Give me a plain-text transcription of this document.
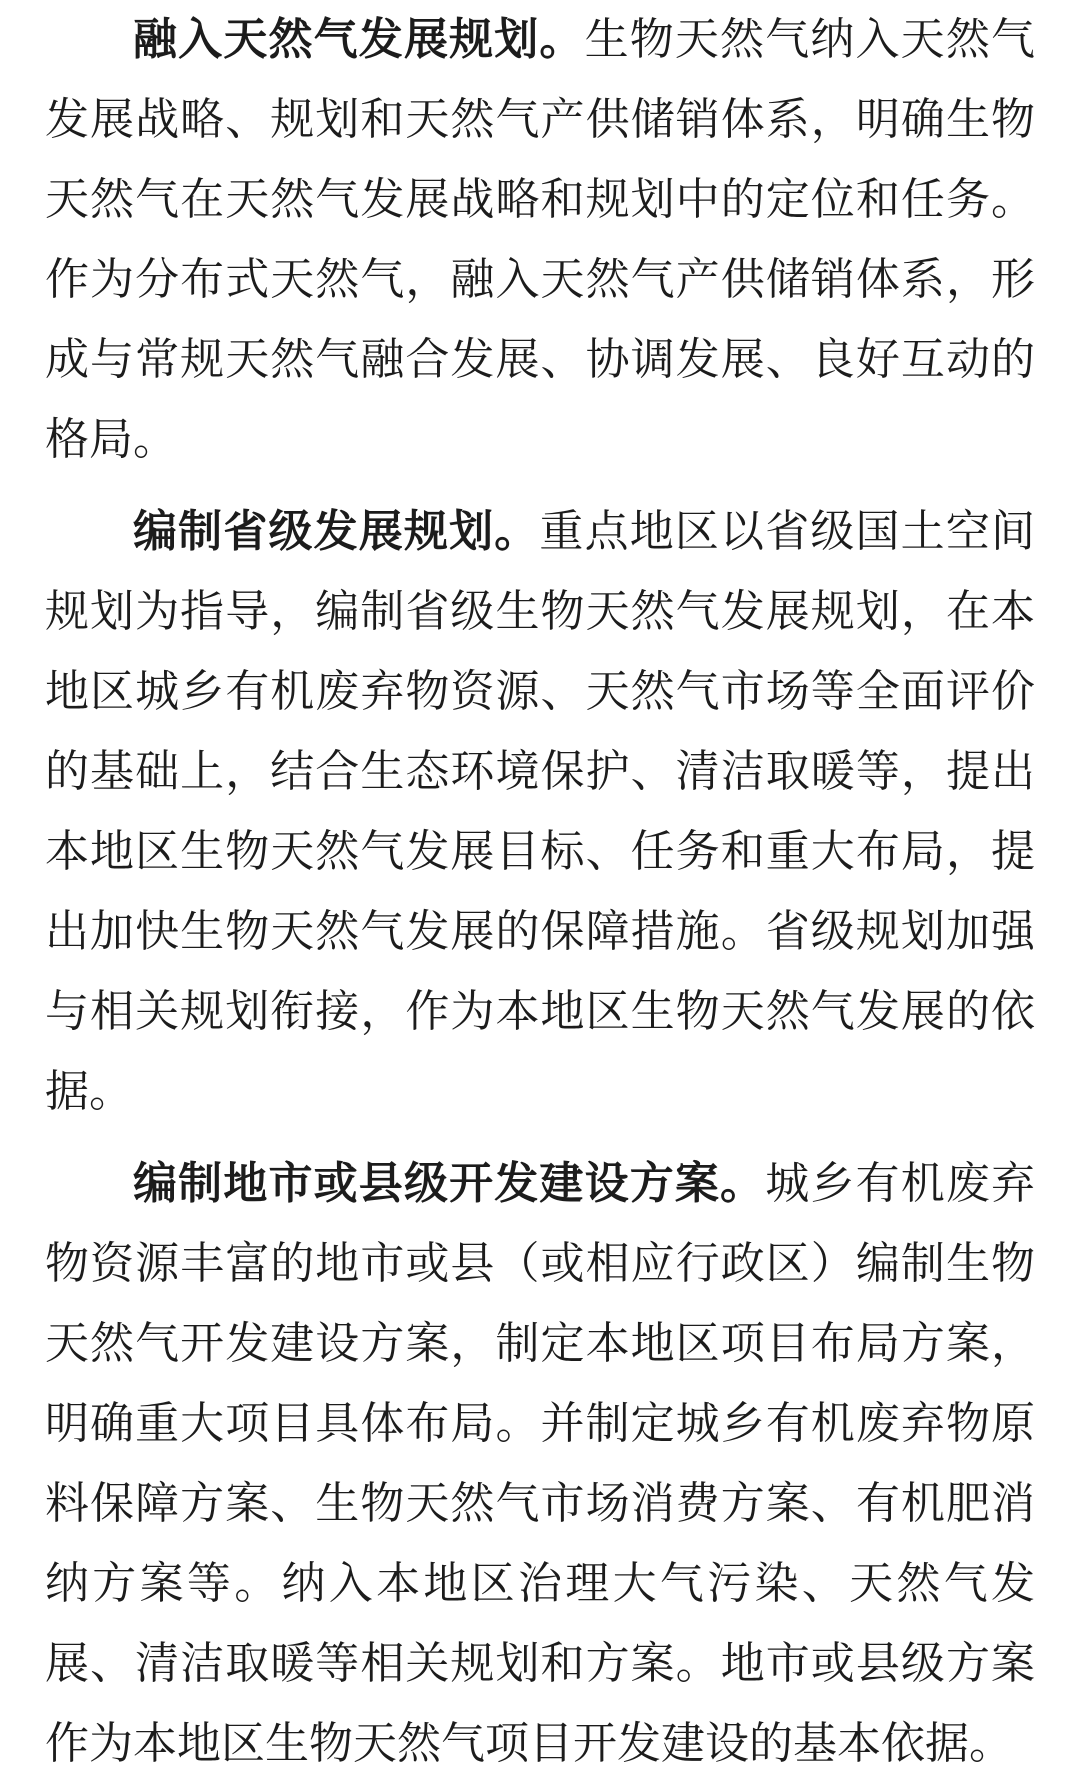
融入天然气发展规划。生物天然气纳入天然气发展战略、规划和天然气产供储销体系，明确生物天然气在天然气发展战略和规划中的定位和任务。作为分布式天然气，融入天然气产供储销体系，形成与常规天然气融合发展、协调发展、良好互动的格局。

编制省级发展规划。重点地区以省级国土空间规划为指导，编制省级生物天然气发展规划，在本地区城乡有机废弃物资源、天然气市场等全面评价的基础上，结合生态环境保护、清洁取暖等，提出本地区生物天然气发展目标、任务和重大布局，提出加快生物天然气发展的保障措施。省级规划加强与相关规划衔接，作为本地区生物天然气发展的依据。

编制地市或县级开发建设方案。城乡有机废弃物资源丰富的地市或县（或相应行政区）编制生物天然气开发建设方案，制定本地区项目布局方案，明确重大项目具体布局。并制定城乡有机废弃物原料保障方案、生物天然气市场消费方案、有机肥消纳方案等。纳入本地区治理大气污染、天然气发展、清洁取暖等相关规划和方案。地市或县级方案作为本地区生物天然气项目开发建设的基本依据。
